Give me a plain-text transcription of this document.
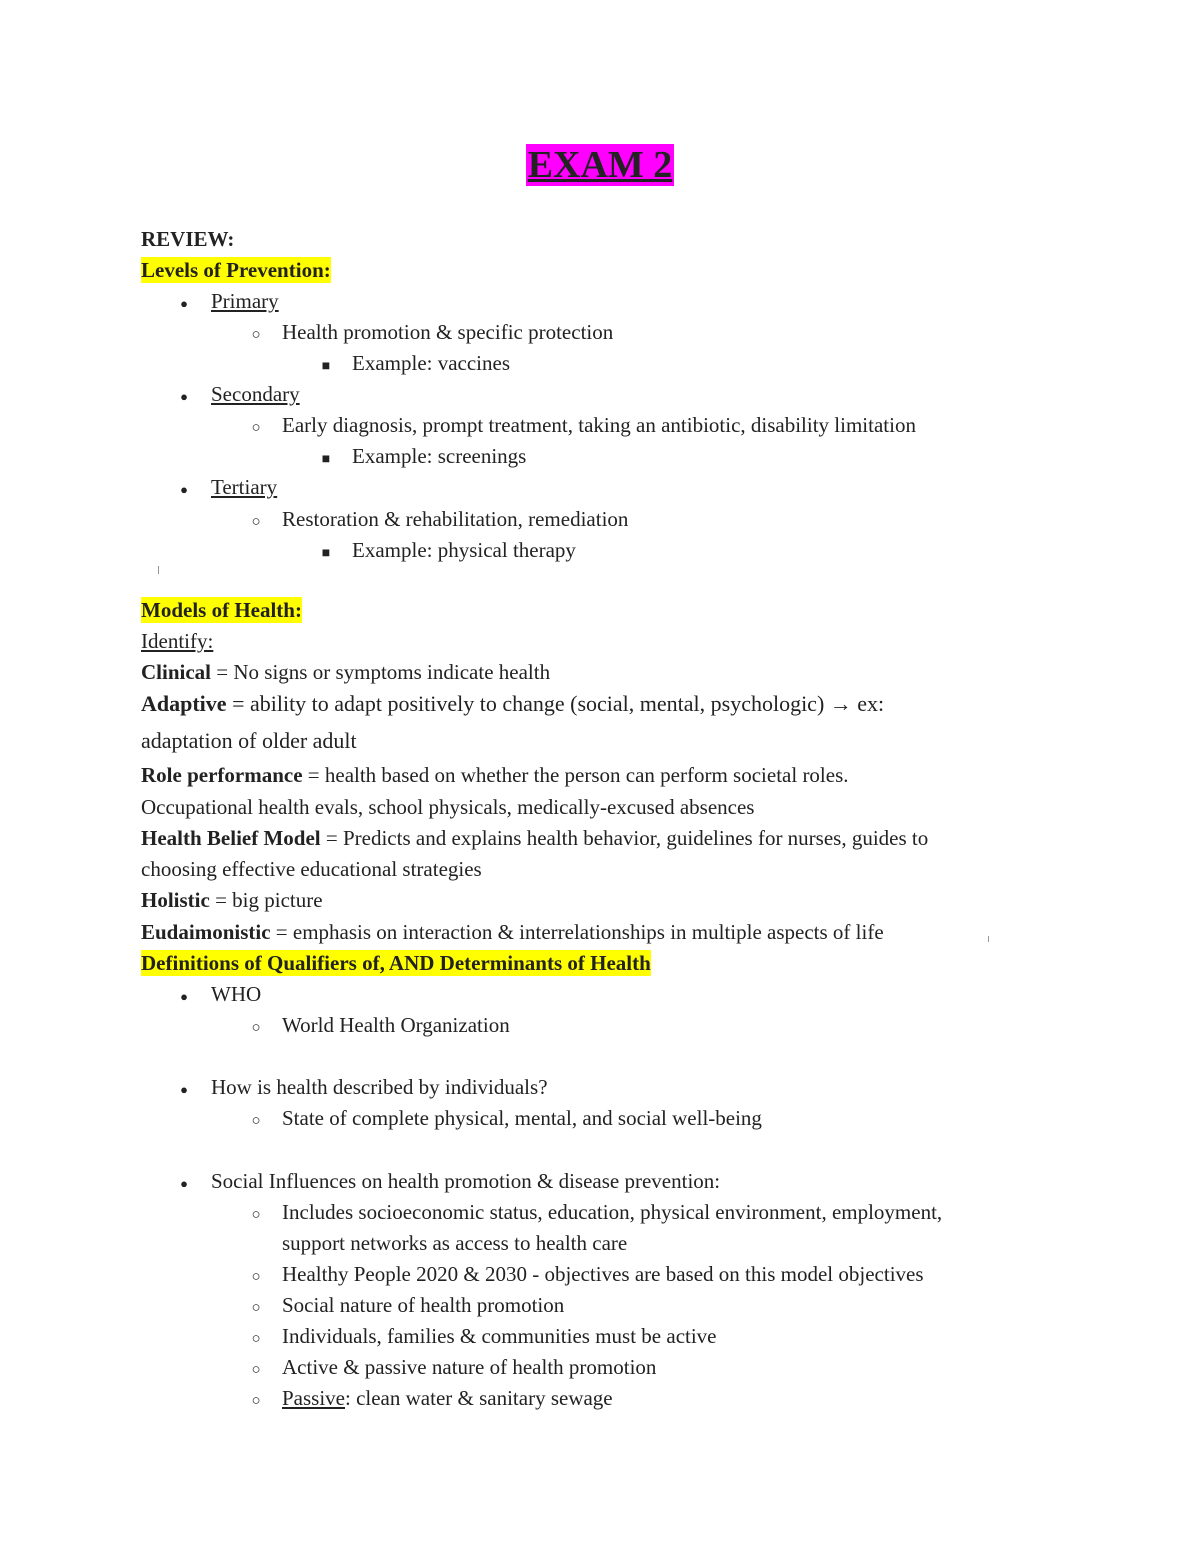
EXAM 2
REVIEW:
Levels of Prevention:
●
Primary
○
Health promotion & specific protection
■
Example: vaccines
●
Secondary
○
Early diagnosis, prompt treatment, taking an antibiotic, disability limitation
■
Example: screenings
●
Tertiary
○
Restoration & rehabilitation, remediation
■
Example: physical therapy
Models of Health:
Identify:
Clinical = No signs or symptoms indicate health
Adaptive = ability to adapt positively to change (social, mental, psychologic) → ex:
adaptation of older adult
Role performance = health based on whether the person can perform societal roles.
Occupational health evals, school physicals, medically-excused absences
Health Belief Model = Predicts and explains health behavior, guidelines for nurses, guides to
choosing effective educational strategies
Holistic = big picture
Eudaimonistic = emphasis on interaction & interrelationships in multiple aspects of life
Definitions of Qualifiers of, AND Determinants of Health
●
WHO
○
World Health Organization
●
How is health described by individuals?
○
State of complete physical, mental, and social well-being
●
Social Influences on health promotion & disease prevention:
○
Includes socioeconomic status, education, physical environment, employment,
support networks as access to health care
○
Healthy People 2020 & 2030 - objectives are based on this model objectives
○
Social nature of health promotion
○
Individuals, families & communities must be active
○
Active & passive nature of health promotion
○
Passive: clean water & sanitary sewage
